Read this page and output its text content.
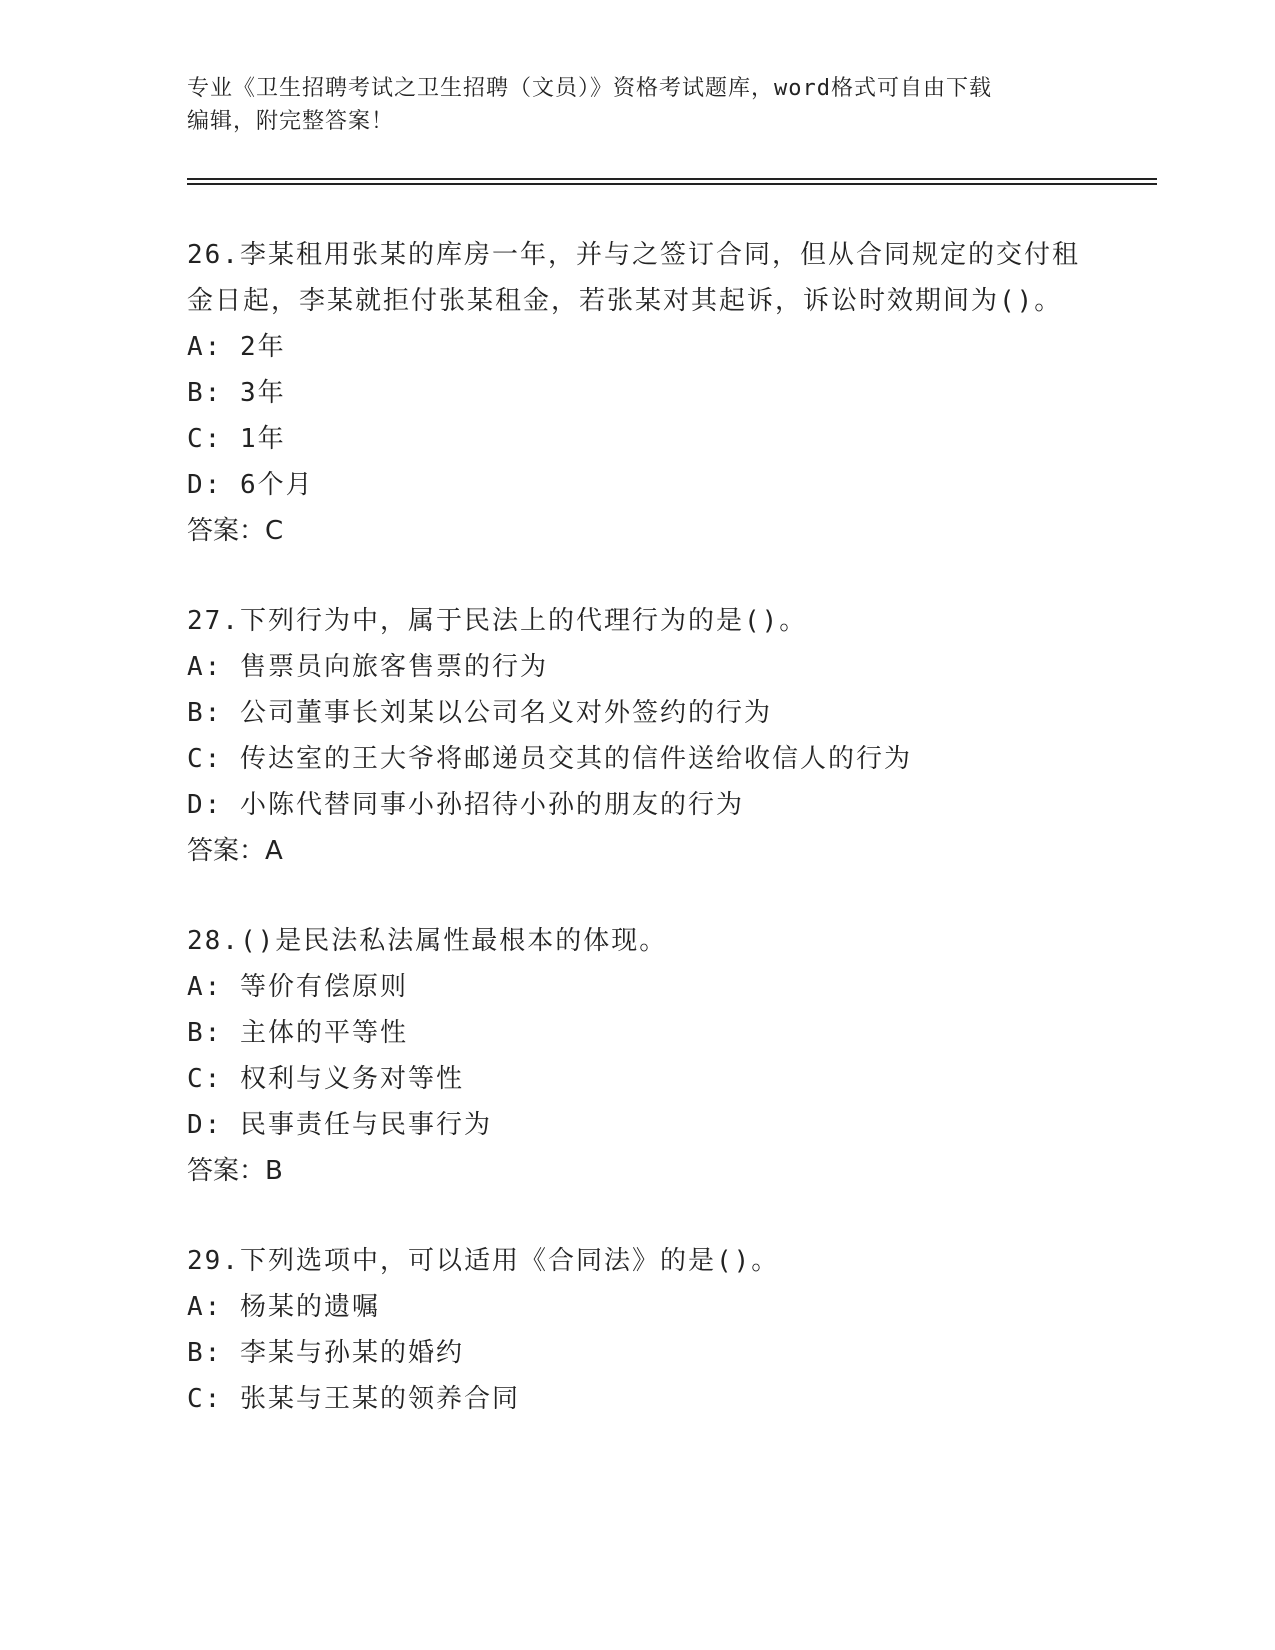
专业《卫生招聘考试之卫生招聘（文员）》资格考试题库，word格式可自由下载
编辑，附完整答案！

26.李某租用张某的库房一年，并与之签订合同，但从合同规定的交付租金日起，李某就拒付张某租金，若张某对其起诉，诉讼时效期间为()。

A: 2年

B: 3年

C: 1年

D: 6个月

答案：C

27.下列行为中，属于民法上的代理行为的是()。

A: 售票员向旅客售票的行为

B: 公司董事长刘某以公司名义对外签约的行为

C: 传达室的王大爷将邮递员交其的信件送给收信人的行为

D: 小陈代替同事小孙招待小孙的朋友的行为

答案：A

28.()是民法私法属性最根本的体现。

A: 等价有偿原则

B: 主体的平等性

C: 权利与义务对等性

D: 民事责任与民事行为

答案：B

29.下列选项中，可以适用《合同法》的是()。

A: 杨某的遗嘱

B: 李某与孙某的婚约

C: 张某与王某的领养合同
